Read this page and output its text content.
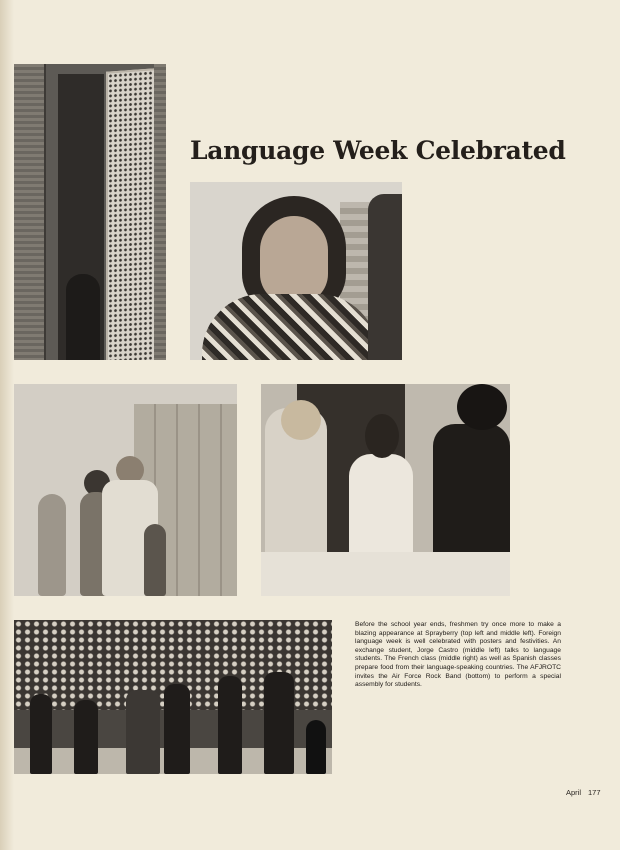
Language Week Celebrated

Before the school year ends, freshmen try once more to make a blazing appearance at Sprayberry (top left and middle left). Foreign language week is well celebrated with posters and festivities. An exchange student, Jorge Castro (middle left) talks to language students. The French class (middle right) as well as Spanish classes prepare food from their language-speaking countries. The AFJROTC invites the Air Force Rock Band (bottom) to perform a special assembly for students.

April 177
